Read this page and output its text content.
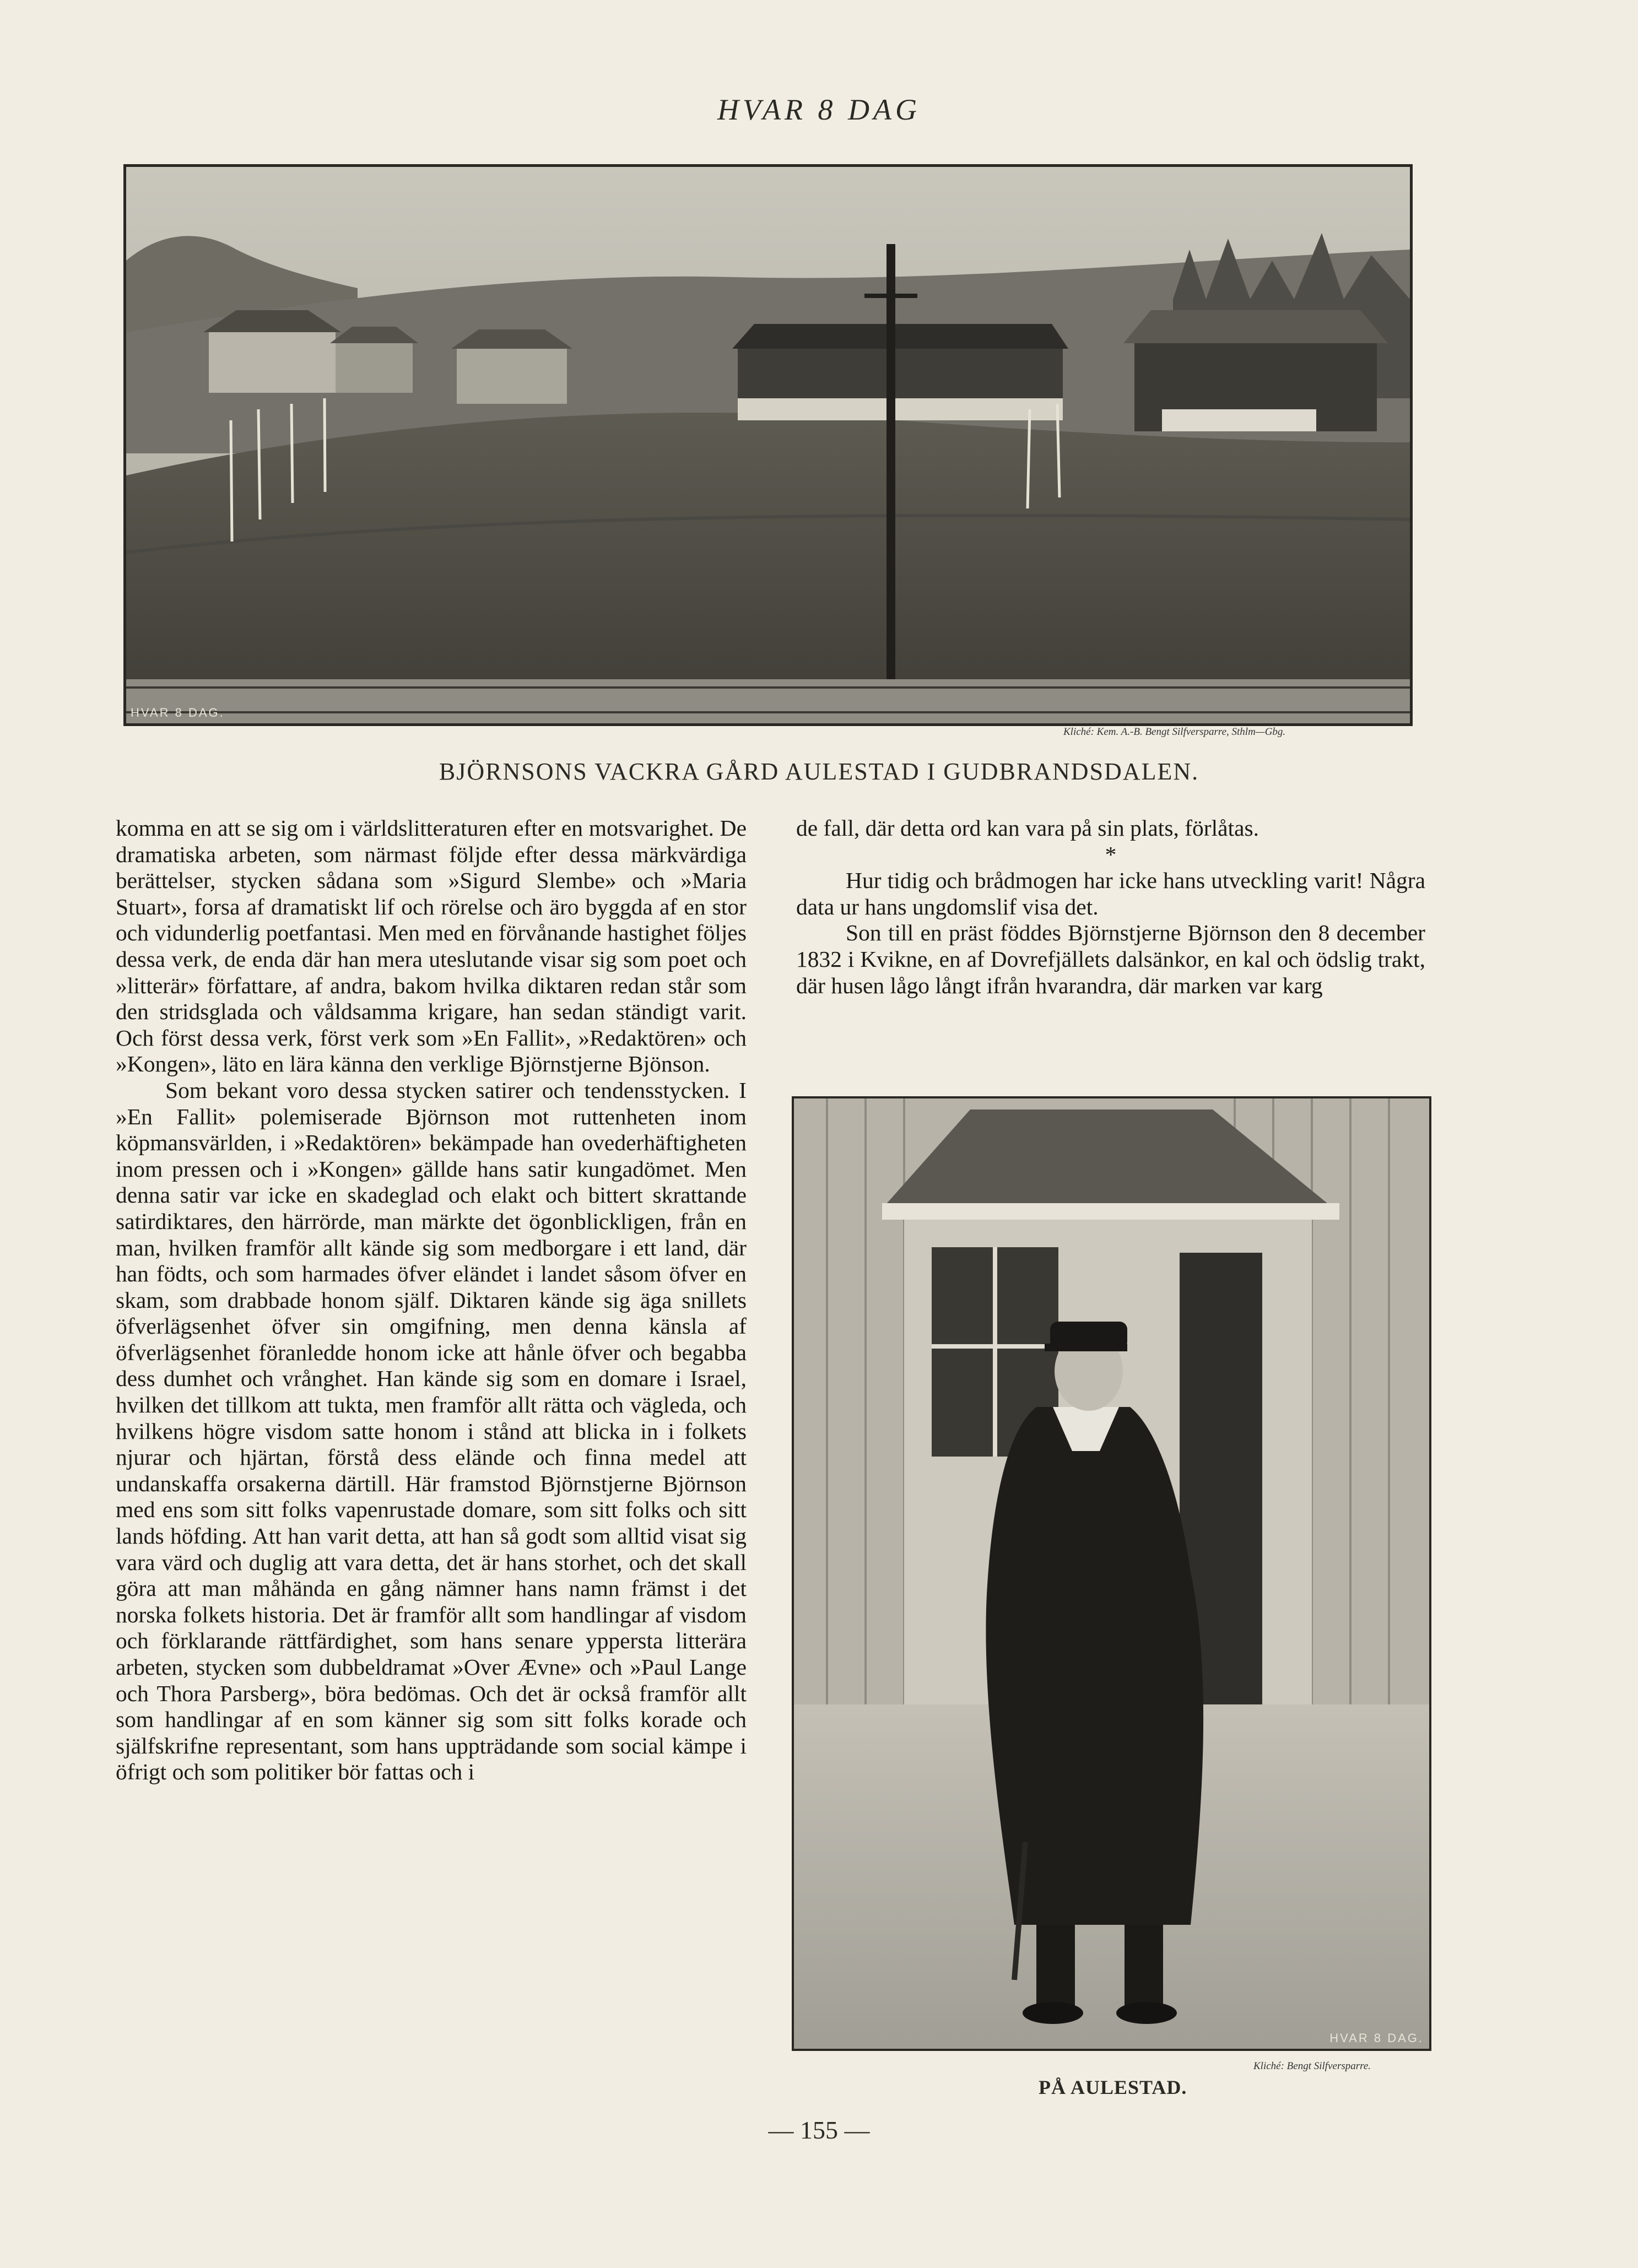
HVAR 8 DAG
HVAR 8 DAG.
Kliché: Kem. A.-B. Bengt Silfversparre, Sthlm—Gbg.
BJÖRNSONS VACKRA GÅRD AULESTAD I GUDBRANDSDALEN.

komma en att se sig om i världslitteraturen efter en motsvarighet. De dramatiska arbeten, som närmast följde efter dessa märkvärdiga berättelser, stycken sådana som »Sigurd Slembe» och »Maria Stuart», forsa af dramatiskt lif och rörelse och äro byggda af en stor och vidunderlig poetfantasi. Men med en förvånande hastighet följes dessa verk, de enda där han mera uteslutande visar sig som poet och »litterär» författare, af andra, bakom hvilka diktaren redan står som den stridsglada och våldsamma krigare, han sedan ständigt varit. Och först dessa verk, först verk som »En Fallit», »Redaktören» och »Kongen», läto en lära känna den verklige Björnstjerne Bjönson.

Som bekant voro dessa stycken satirer och tendensstycken. I »En Fallit» polemiserade Björnson mot ruttenheten inom köpmansvärlden, i »Redaktören» bekämpade han ovederhäftigheten inom pressen och i »Kongen» gällde hans satir kungadömet. Men denna satir var icke en skadeglad och elakt och bittert skrattande satirdiktares, den härrörde, man märkte det ögonblickligen, från en man, hvilken framför allt kände sig som medborgare i ett land, där han födts, och som harmades öfver eländet i landet såsom öfver en skam, som drabbade honom själf. Diktaren kände sig äga snillets öfverlägsenhet öfver sin omgifning, men denna känsla af öfverlägsenhet föranledde honom icke att hånle öfver och begabba dess dumhet och vrånghet. Han kände sig som en domare i Israel, hvilken det tillkom att tukta, men framför allt rätta och vägleda, och hvilkens högre visdom satte honom i stånd att blicka in i folkets njurar och hjärtan, förstå dess elände och finna medel att undanskaffa orsakerna därtill. Här framstod Björnstjerne Björnson med ens som sitt folks vapenrustade domare, som sitt folks och sitt lands höfding. Att han varit detta, att han så godt som alltid visat sig vara värd och duglig att vara detta, det är hans storhet, och det skall göra att man måhända en gång nämner hans namn främst i det norska folkets historia. Det är framför allt som handlingar af visdom och förklarande rättfärdighet, som hans senare yppersta litterära arbeten, stycken som dubbeldramat »Over Ævne» och »Paul Lange och Thora Parsberg», böra bedömas. Och det är också framför allt som handlingar af en som känner sig som sitt folks korade och själfskrifne representant, som hans uppträdande som social kämpe i öfrigt och som politiker bör fattas och i

de fall, där detta ord kan vara på sin plats, förlåtas.

*

Hur tidig och brådmogen har icke hans utveckling varit! Några data ur hans ungdomslif visa det.

Son till en präst föddes Björnstjerne Björnson den 8 december 1832 i Kvikne, en af Dovrefjällets dalsänkor, en kal och ödslig trakt, där husen lågo långt ifrån hvarandra, där marken var karg

HVAR 8 DAG.
Kliché: Bengt Silfversparre.
PÅ AULESTAD.
— 155 —
